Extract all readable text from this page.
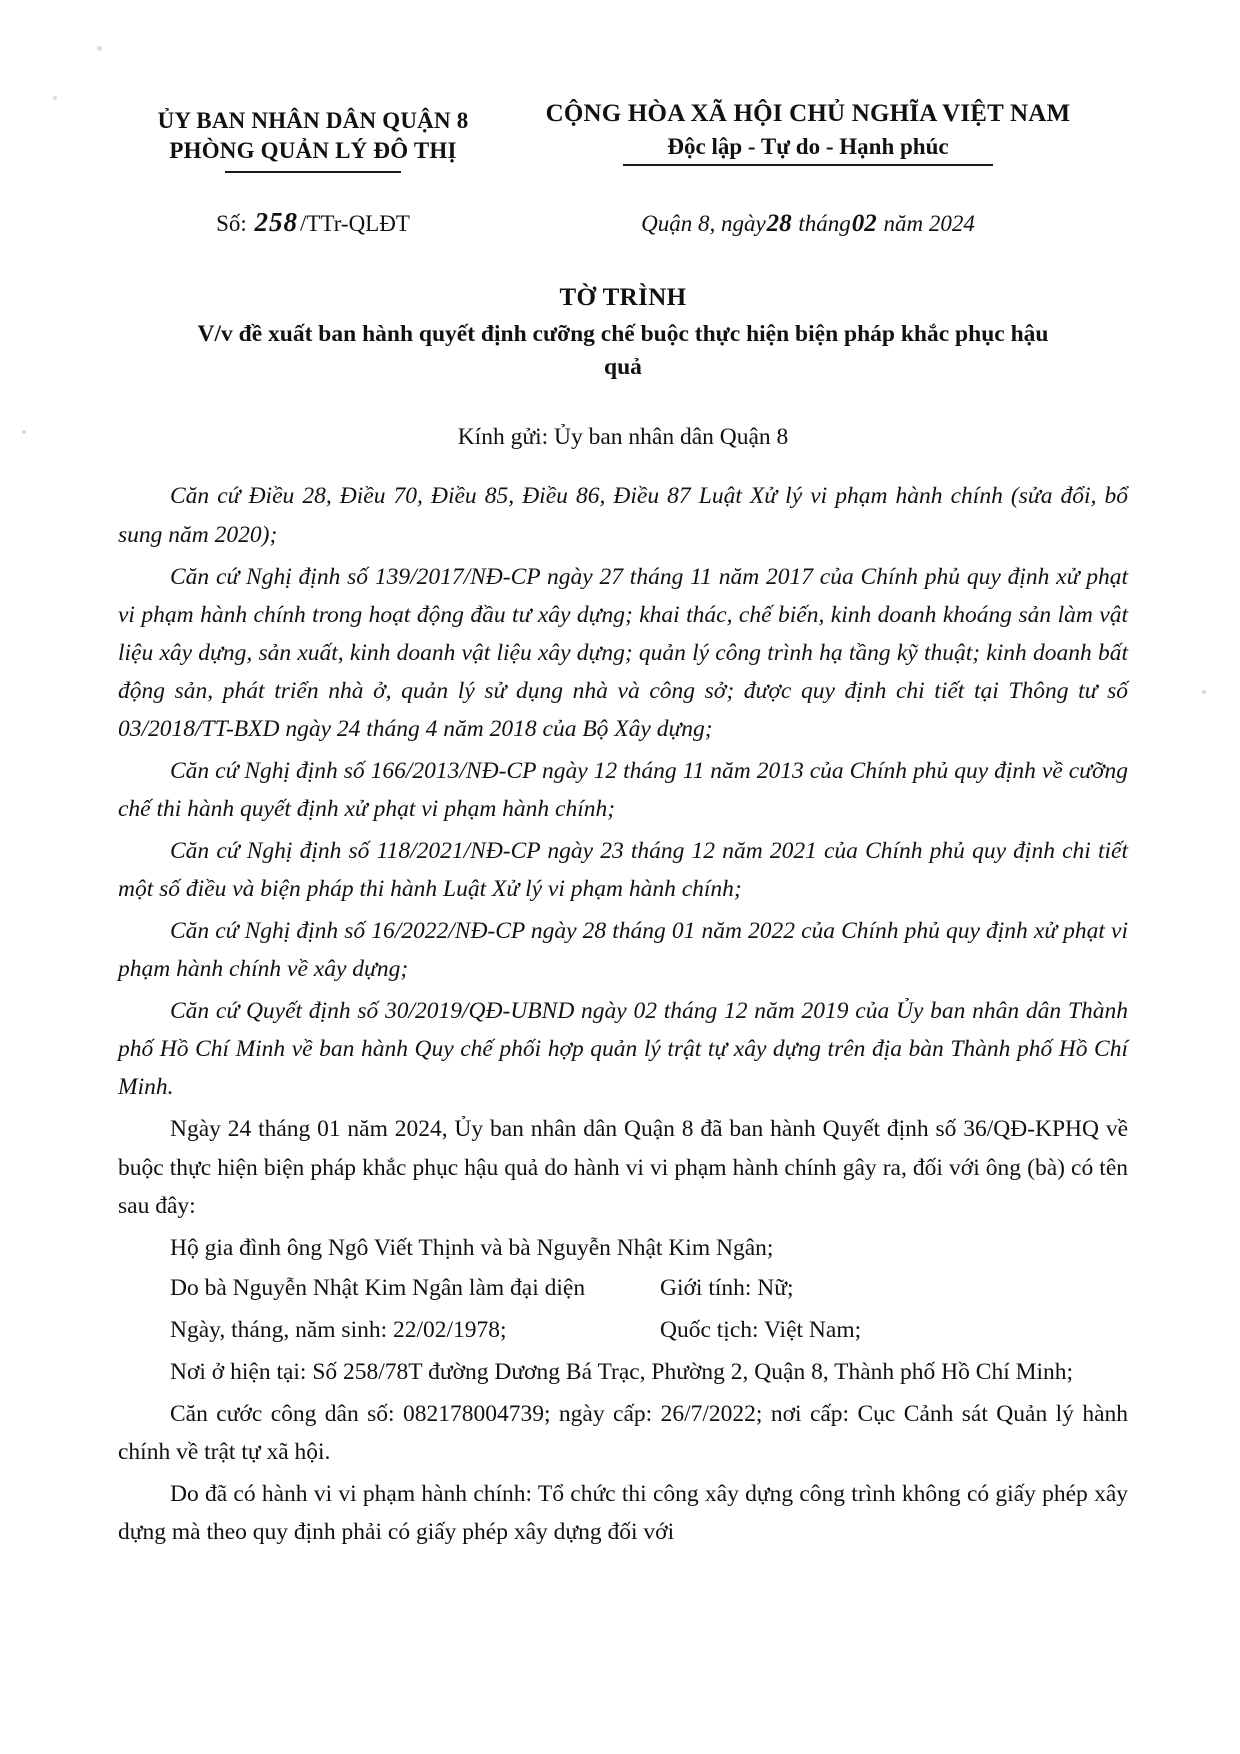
ỦY BAN NHÂN DÂN QUẬN 8
PHÒNG QUẢN LÝ ĐÔ THỊ
CỘNG HÒA XÃ HỘI CHỦ NGHĨA VIỆT NAM
Độc lập - Tự do - Hạnh phúc
Số: 258/TTr-QLĐT	Quận 8, ngày28 tháng02 năm 2024
TỜ TRÌNH
V/v đề xuất ban hành quyết định cưỡng chế buộc thực hiện biện pháp khắc phục hậu quả
Kính gửi: Ủy ban nhân dân Quận 8

Căn cứ Điều 28, Điều 70, Điều 85, Điều 86, Điều 87 Luật Xử lý vi phạm hành chính (sửa đổi, bổ sung năm 2020);

Căn cứ Nghị định số 139/2017/NĐ-CP ngày 27 tháng 11 năm 2017 của Chính phủ quy định xử phạt vi phạm hành chính trong hoạt động đầu tư xây dựng; khai thác, chế biến, kinh doanh khoáng sản làm vật liệu xây dựng, sản xuất, kinh doanh vật liệu xây dựng; quản lý công trình hạ tầng kỹ thuật; kinh doanh bất động sản, phát triển nhà ở, quản lý sử dụng nhà và công sở; được quy định chi tiết tại Thông tư số 03/2018/TT-BXD ngày 24 tháng 4 năm 2018 của Bộ Xây dựng;

Căn cứ Nghị định số 166/2013/NĐ-CP ngày 12 tháng 11 năm 2013 của Chính phủ quy định về cưỡng chế thi hành quyết định xử phạt vi phạm hành chính;

Căn cứ Nghị định số 118/2021/NĐ-CP ngày 23 tháng 12 năm 2021 của Chính phủ quy định chi tiết một số điều và biện pháp thi hành Luật Xử lý vi phạm hành chính;

Căn cứ Nghị định số 16/2022/NĐ-CP ngày 28 tháng 01 năm 2022 của Chính phủ quy định xử phạt vi phạm hành chính về xây dựng;

Căn cứ Quyết định số 30/2019/QĐ-UBND ngày 02 tháng 12 năm 2019 của Ủy ban nhân dân Thành phố Hồ Chí Minh về ban hành Quy chế phối hợp quản lý trật tự xây dựng trên địa bàn Thành phố Hồ Chí Minh.

Ngày 24 tháng 01 năm 2024, Ủy ban nhân dân Quận 8 đã ban hành Quyết định số 36/QĐ-KPHQ về buộc thực hiện biện pháp khắc phục hậu quả do hành vi vi phạm hành chính gây ra, đối với ông (bà) có tên sau đây:

Hộ gia đình ông Ngô Viết Thịnh và bà Nguyễn Nhật Kim Ngân;

Do bà Nguyễn Nhật Kim Ngân làm đại diện	Giới tính: Nữ;
Ngày, tháng, năm sinh: 22/02/1978;	Quốc tịch: Việt Nam;

Nơi ở hiện tại: Số 258/78T đường Dương Bá Trạc, Phường 2, Quận 8, Thành phố Hồ Chí Minh;

Căn cước công dân số: 082178004739; ngày cấp: 26/7/2022; nơi cấp: Cục Cảnh sát Quản lý hành chính về trật tự xã hội.

Do đã có hành vi vi phạm hành chính: Tổ chức thi công xây dựng công trình không có giấy phép xây dựng mà theo quy định phải có giấy phép xây dựng đối với
